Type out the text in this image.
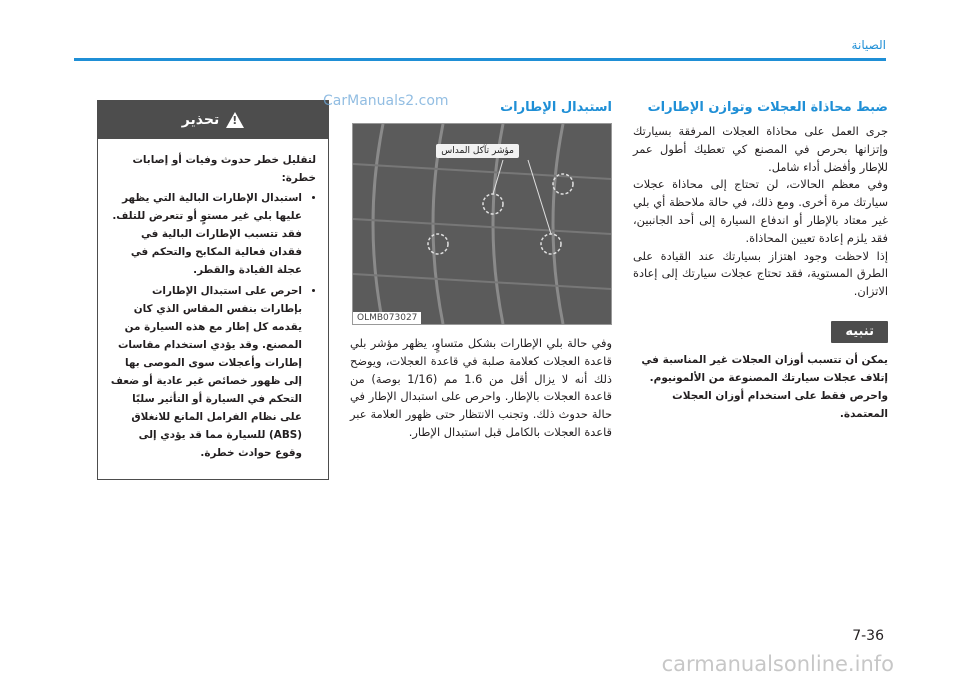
الصيانة
ضبط محاذاة العجلات وتوازن الإطارات

جرى العمل على محاذاة العجلات المرفقة بسيارتك وإتزانها بحرص في المصنع كي تعطيك أطول عمر للإطار وأفضل أداء شامل.

وفي معظم الحالات، لن تحتاج إلى محاذاة عجلات سيارتك مرة أخرى. ومع ذلك، في حالة ملاحظة أي بلي غير معتاد بالإطار أو اندفاع السيارة إلى أحد الجانبين، فقد يلزم إعادة تعيين المحاذاة.

إذا لاحظت وجود اهتزاز بسيارتك عند القيادة على الطرق المستوية، فقد تحتاج عجلات سيارتك إلى إعادة الاتزان.

تنبيه

يمكن أن تتسبب أوزان العجلات غير المناسبة في إتلاف عجلات سيارتك المصنوعة من الألمونيوم. واحرص فقط على استخدام أوزان العجلات المعتمدة.

استبدال الإطارات
مؤشر تآكل المداس
OLMB073027

وفي حالة بلي الإطارات بشكل متساوٍ، يظهر مؤشر بلي قاعدة العجلات كعلامة صلبة في قاعدة العجلات، ويوضح ذلك أنه لا يزال أقل من 1.6 مم (1/16 بوصة) من قاعدة العجلات بالإطار. واحرص على استبدال الإطار في حالة حدوث ذلك. وتجنب الانتظار حتى ظهور العلامة عبر قاعدة العجلات بالكامل قبل استبدال الإطار.

!
تحذير

لتقليل خطر حدوث وفيات أو إصابات خطرة:

• استبدال الإطارات البالية التي يظهر عليها بلي غير مستوٍ أو تتعرض للتلف. فقد تتسبب الإطارات البالية في فقدان فعالية المكابح والتحكم في عجلة القيادة والقطر.
• احرص على استبدال الإطارات بإطارات بنفس المقاس الذي كان يقدمه كل إطار مع هذه السيارة من المصنع. وقد يؤدي استخدام مقاسات إطارات وأعجلات سوى الموصى بها إلى ظهور خصائص غير عادية أو ضعف التحكم في السيارة أو التأثير سلبًا على نظام الفرامل المانع للانغلاق (ABS) للسيارة مما قد يؤدي إلى وقوع حوادث خطرة.
CarManuals2.com
7-36
carmanualsonline.info
